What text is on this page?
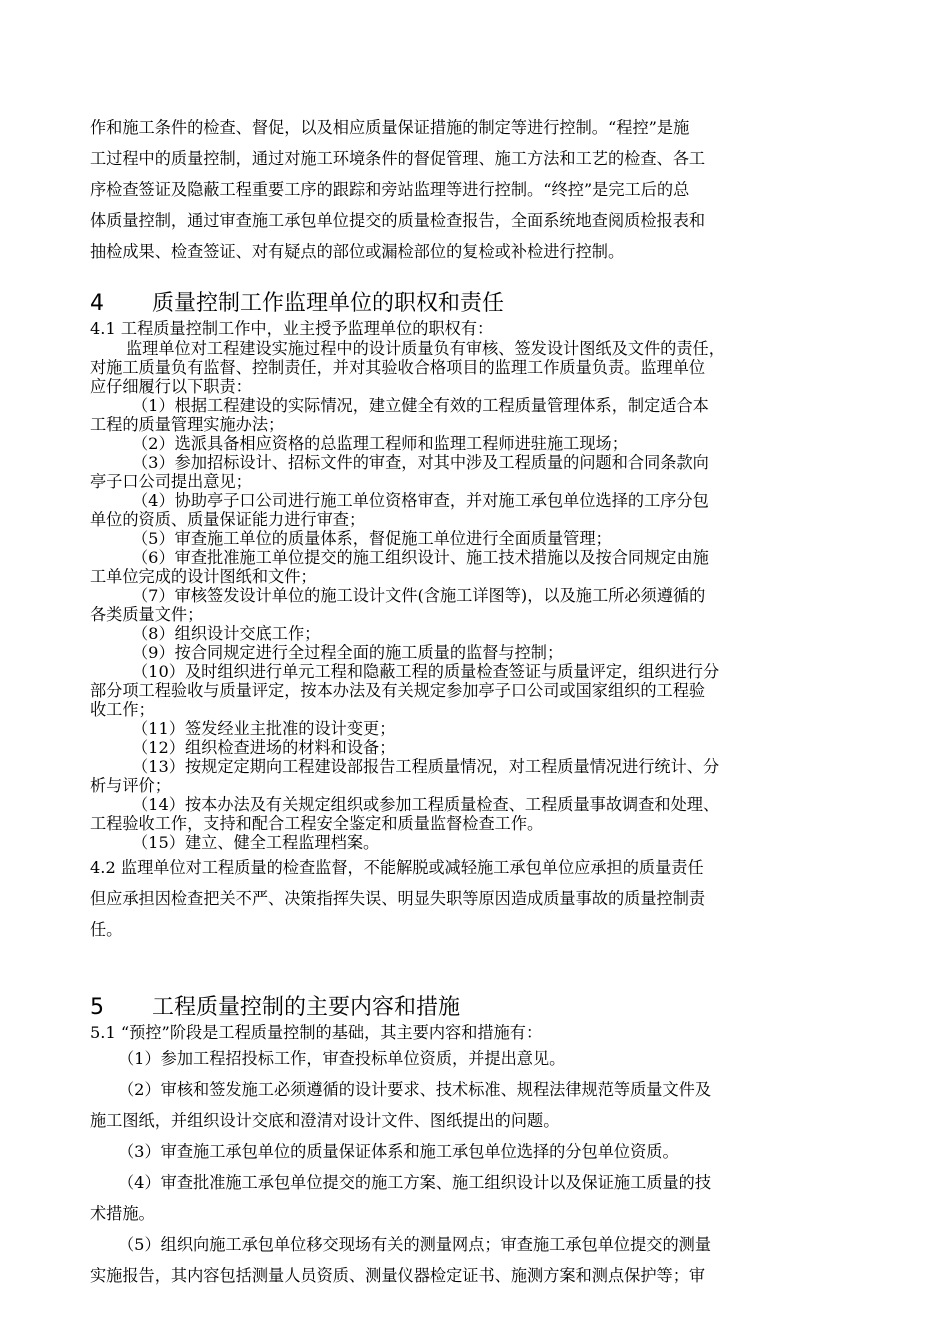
作和施工条件的检查、督促，以及相应质量保证措施的制定等进行控制。“程控”是施

工过程中的质量控制，通过对施工环境条件的督促管理、施工方法和工艺的检查、各工

序检查签证及隐蔽工程重要工序的跟踪和旁站监理等进行控制。“终控”是完工后的总

体质量控制，通过审查施工承包单位提交的质量检查报告，全面系统地查阅质检报表和

抽检成果、检查签证、对有疑点的部位或漏检部位的复检或补检进行控制。

4	质量控制工作监理单位的职权和责任

4.1 工程质量控制工作中，业主授予监理单位的职权有：

监理单位对工程建设实施过程中的设计质量负有审核、签发设计图纸及文件的责任，

对施工质量负有监督、控制责任，并对其验收合格项目的监理工作质量负责。监理单位

应仔细履行以下职责：

（1）根据工程建设的实际情况，建立健全有效的工程质量管理体系，制定适合本

工程的质量管理实施办法；

（2）选派具备相应资格的总监理工程师和监理工程师进驻施工现场；

（3）参加招标设计、招标文件的审查，对其中涉及工程质量的问题和合同条款向

亭子口公司提出意见；

（4）协助亭子口公司进行施工单位资格审查，并对施工承包单位选择的工序分包

单位的资质、质量保证能力进行审查；

（5）审查施工单位的质量体系，督促施工单位进行全面质量管理；

（6）审查批准施工单位提交的施工组织设计、施工技术措施以及按合同规定由施

工单位完成的设计图纸和文件；

（7）审核签发设计单位的施工设计文件(含施工详图等)，以及施工所必须遵循的

各类质量文件；

（8）组织设计交底工作；

（9）按合同规定进行全过程全面的施工质量的监督与控制；

（10）及时组织进行单元工程和隐蔽工程的质量检查签证与质量评定，组织进行分

部分项工程验收与质量评定，按本办法及有关规定参加亭子口公司或国家组织的工程验

收工作；

（11）签发经业主批准的设计变更；

（12）组织检查进场的材料和设备；

（13）按规定定期向工程建设部报告工程质量情况，对工程质量情况进行统计、分

析与评价；

（14）按本办法及有关规定组织或参加工程质量检查、工程质量事故调查和处理、

工程验收工作，支持和配合工程安全鉴定和质量监督检查工作。

（15）建立、健全工程监理档案。

4.2 监理单位对工程质量的检查监督，不能解脱或减轻施工承包单位应承担的质量责任

但应承担因检查把关不严、决策指挥失误、明显失职等原因造成质量事故的质量控制责

任。

5	工程质量控制的主要内容和措施

5.1 “预控”阶段是工程质量控制的基础，其主要内容和措施有：

（1）参加工程招投标工作，审查投标单位资质，并提出意见。

（2）审核和签发施工必须遵循的设计要求、技术标准、规程法律规范等质量文件及

施工图纸，并组织设计交底和澄清对设计文件、图纸提出的问题。

（3）审查施工承包单位的质量保证体系和施工承包单位选择的分包单位资质。

（4）审查批准施工承包单位提交的施工方案、施工组织设计以及保证施工质量的技

术措施。

（5）组织向施工承包单位移交现场有关的测量网点；审查施工承包单位提交的测量

实施报告，其内容包括测量人员资质、测量仪器检定证书、施测方案和测点保护等；审
